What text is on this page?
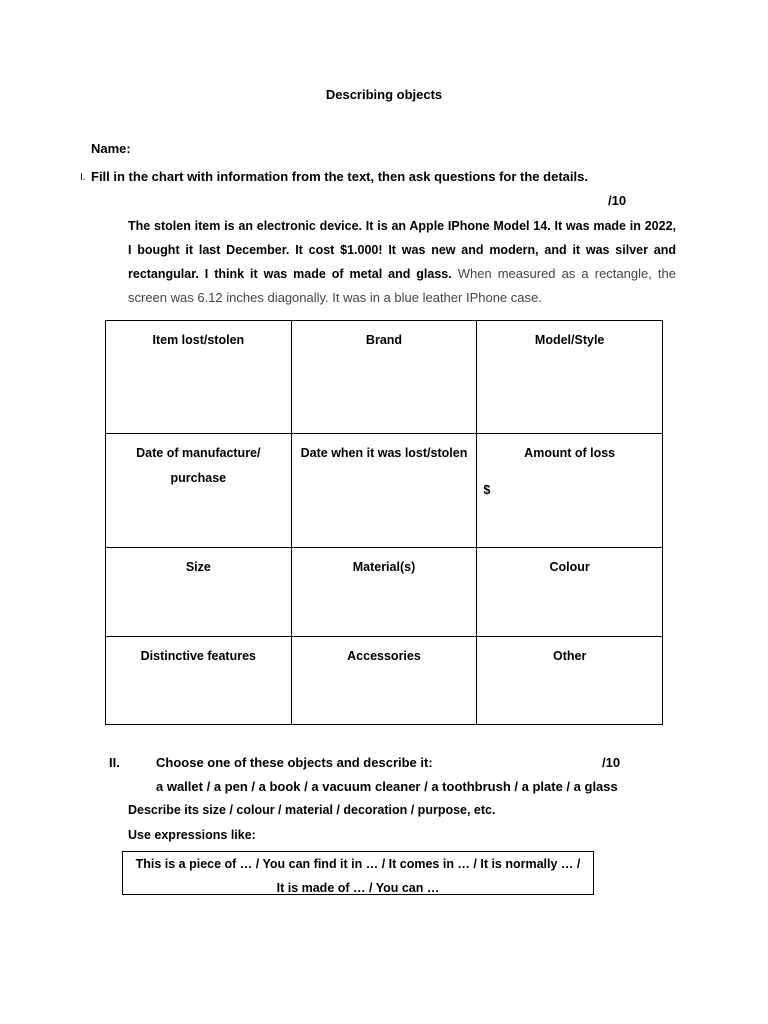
Describing objects
Name:
I. Fill in the chart with information from the text, then ask questions for the details.
/10
The stolen item is an electronic device. It is an Apple IPhone Model 14. It was made in 2022, I bought it last December. It cost $1.000! It was new and modern, and it was silver and rectangular. I think it was made of metal and glass. When measured as a rectangle, the screen was 6.12 inches diagonally. It was in a blue leather IPhone case.
Item lost/stolen	Brand	Model/Style
Date of manufacture/ purchase	Date when it was lost/stolen	Amount of loss
$

Size	Material(s)	Colour
Distinctive features	Accessories	Other
II.	Choose one of these objects and describe it:	/10
a wallet / a pen / a book / a vacuum cleaner / a toothbrush / a plate / a glass
Describe its size / colour / material / decoration / purpose, etc.
Use expressions like:
This is a piece of … / You can find it in … / It comes in … / It is normally … /
It is made of … / You can …
